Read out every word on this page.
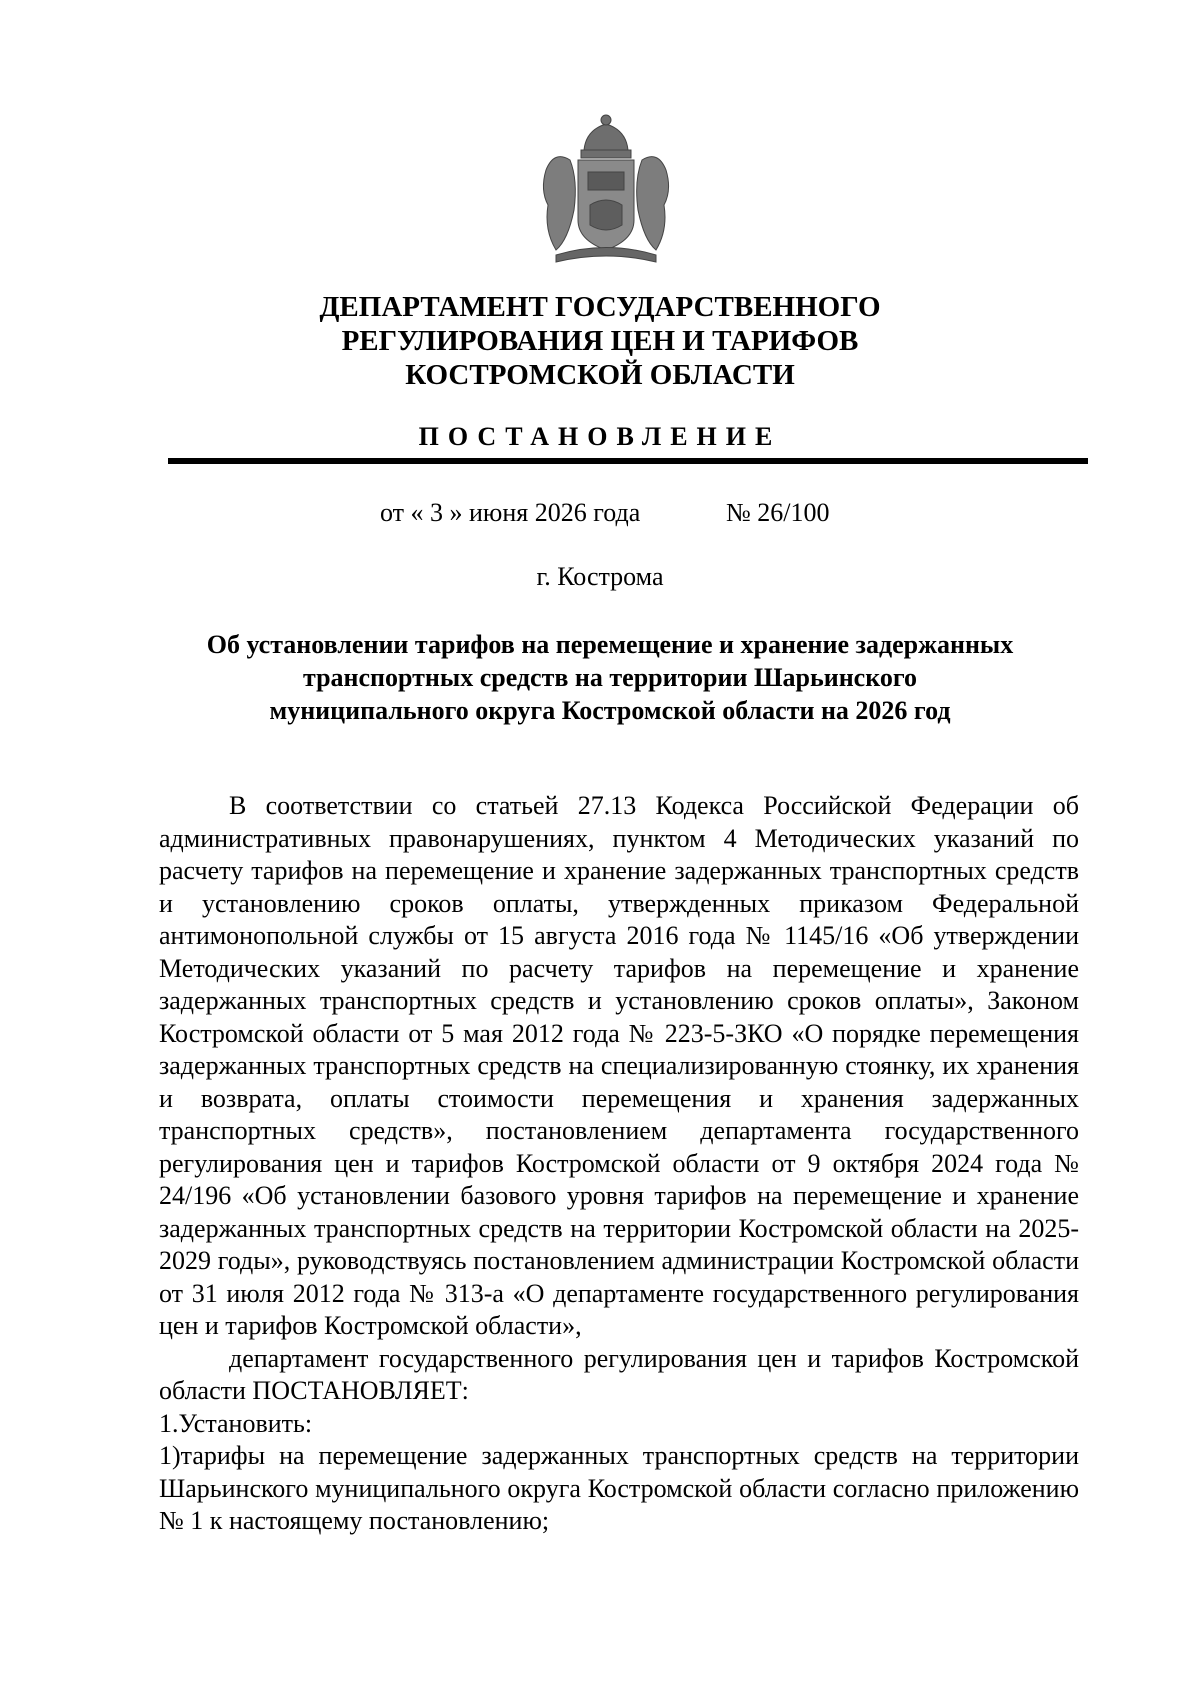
ДЕПАРТАМЕНТ ГОСУДАРСТВЕННОГО
РЕГУЛИРОВАНИЯ ЦЕН И ТАРИФОВ
КОСТРОМСКОЙ ОБЛАСТИ
ПОСТАНОВЛЕНИЕ
от « 3 » июня 2026 года	№ 26/100
г. Кострома
Об установлении тарифов на перемещение и хранение задержанных
транспортных средств на территории Шарьинского
муниципального округа Костромской области на 2026 год

В соответствии со статьей 27.13 Кодекса Российской Федерации об административных правонарушениях, пунктом 4 Методических указаний по расчету тарифов на перемещение и хранение задержанных транспортных средств и установлению сроков оплаты, утвержденных приказом Федеральной антимонопольной службы от 15 августа 2016 года № 1145/16 «Об утверждении Методических указаний по расчету тарифов на перемещение и хранение задержанных транспортных средств и установлению сроков оплаты», Законом Костромской области от 5 мая 2012 года № 223-5-ЗКО «О порядке перемещения задержанных транспортных средств на специализированную стоянку, их хранения и возврата, оплаты стоимости перемещения и хранения задержанных транспортных средств», постановлением департамента государственного регулирования цен и тарифов Костромской области от 9 октября 2024 года № 24/196 «Об установлении базового уровня тарифов на перемещение и хранение задержанных транспортных средств на территории Костромской области на 2025-2029 годы», руководствуясь постановлением администрации Костромской области от 31 июля 2012 года № 313-а «О департаменте государственного регулирования цен и тарифов Костромской области»,

департамент государственного регулирования цен и тарифов Костромской области ПОСТАНОВЛЯЕТ:

1.Установить:

1)тарифы на перемещение задержанных транспортных средств на территории Шарьинского муниципального округа Костромской области согласно приложению № 1 к настоящему постановлению;
